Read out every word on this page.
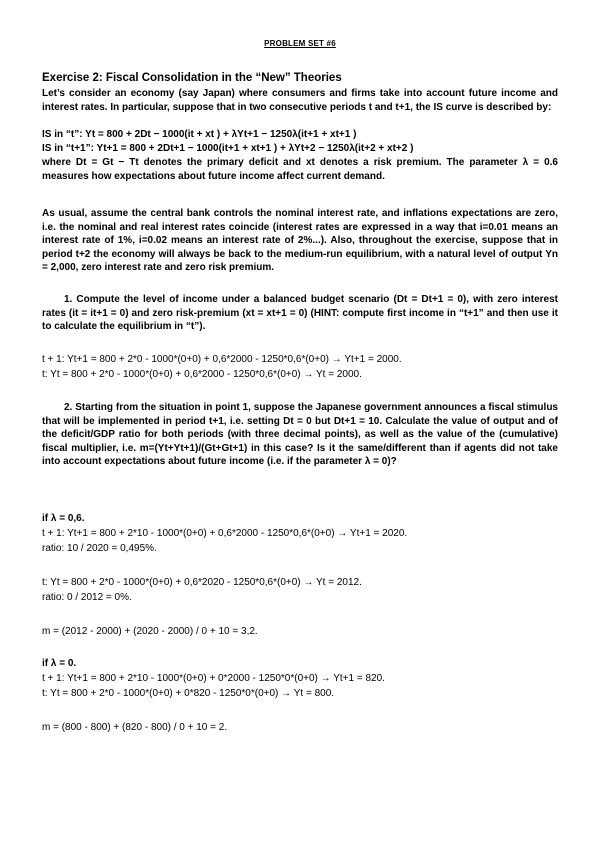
PROBLEM SET #6
Exercise 2: Fiscal Consolidation in the “New” Theories
Let’s consider an economy (say Japan) where consumers and firms take into account future income and interest rates. In particular, suppose that in two consecutive periods t and t+1, the IS curve is described by:
IS in “t”: Yt = 800 + 2Dt − 1000(it + xt ) + λYt+1 − 1250λ(it+1 + xt+1 )
IS in “t+1”: Yt+1 = 800 + 2Dt+1 − 1000(it+1 + xt+1 ) + λYt+2 − 1250λ(it+2 + xt+2 )
where Dt = Gt − Tt denotes the primary deficit and xt denotes a risk premium. The parameter λ = 0.6 measures how expectations about future income affect current demand.
As usual, assume the central bank controls the nominal interest rate, and inflations expectations are zero, i.e. the nominal and real interest rates coincide (interest rates are expressed in a way that i=0.01 means an interest rate of 1%, i=0.02 means an interest rate of 2%...). Also, throughout the exercise, suppose that in period t+2 the economy will always be back to the medium-run equilibrium, with a natural level of output Yn = 2,000, zero interest rate and zero risk premium.
1. Compute the level of income under a balanced budget scenario (Dt = Dt+1 = 0), with zero interest rates (it = it+1 = 0) and zero risk-premium (xt = xt+1 = 0) (HINT: compute first income in “t+1” and then use it to calculate the equilibrium in “t”).
t + 1: Yt+1 = 800 + 2*0 - 1000*(0+0) + 0,6*2000 - 1250*0,6*(0+0) → Yt+1 = 2000.
t: Yt = 800 + 2*0 - 1000*(0+0) + 0,6*2000 - 1250*0,6*(0+0) → Yt = 2000.
2. Starting from the situation in point 1, suppose the Japanese government announces a fiscal stimulus that will be implemented in period t+1, i.e. setting Dt = 0 but Dt+1 = 10. Calculate the value of output and of the deficit/GDP ratio for both periods (with three decimal points), as well as the value of the (cumulative) fiscal multiplier, i.e. m=(Yt+Yt+1)/(Gt+Gt+1) in this case? Is it the same/different than if agents did not take into account expectations about future income (i.e. if the parameter λ = 0)?
if λ = 0,6.
t + 1: Yt+1 = 800 + 2*10 - 1000*(0+0) + 0,6*2000 - 1250*0,6*(0+0) → Yt+1 = 2020.
ratio: 10 / 2020 = 0,495%.
t: Yt = 800 + 2*0 - 1000*(0+0) + 0,6*2020 - 1250*0,6*(0+0) → Yt = 2012.
ratio: 0 / 2012 = 0%.
m = (2012 - 2000) + (2020 - 2000) / 0 + 10 = 3,2.
if λ = 0.
t + 1: Yt+1 = 800 + 2*10 - 1000*(0+0) + 0*2000 - 1250*0*(0+0) → Yt+1 = 820.
t: Yt = 800 + 2*0 - 1000*(0+0) + 0*820 - 1250*0*(0+0) → Yt = 800.
m = (800 - 800) + (820 - 800) / 0 + 10 = 2.
